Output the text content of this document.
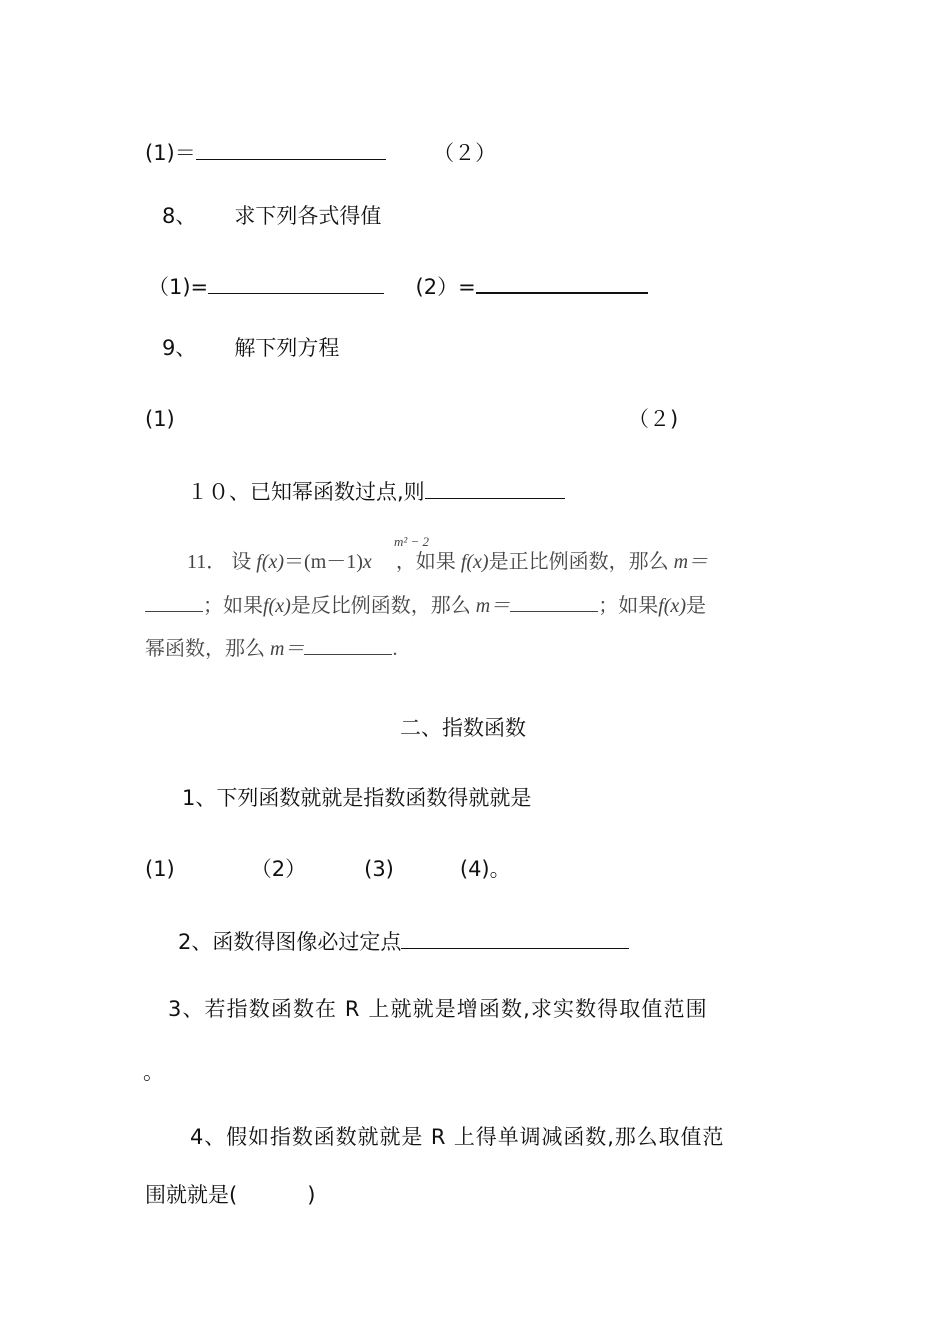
(1)＝	（２）
8、 求下列各式得值
（1)=	(2）=
9、 解下列方程
(1)	（２)
１０、已知幂函数过点,则
11． 设 f(x)＝(m－1)x ，如果 f(x)是正比例函数，那么 m＝
m² − 2
；如果f(x)是反比例函数，那么 m＝	；如果f(x)是
幂函数，那么 m＝	.
二、指数函数
1、下列函数就就是指数函数得就就是
(1)	（2）	(3)	(4)。
2、函数得图像必过定点
3、若指数函数在 R 上就就是增函数,求实数得取值范围
。
4、假如指数函数就就是 R 上得单调减函数,那么取值范
围就就是(	)
